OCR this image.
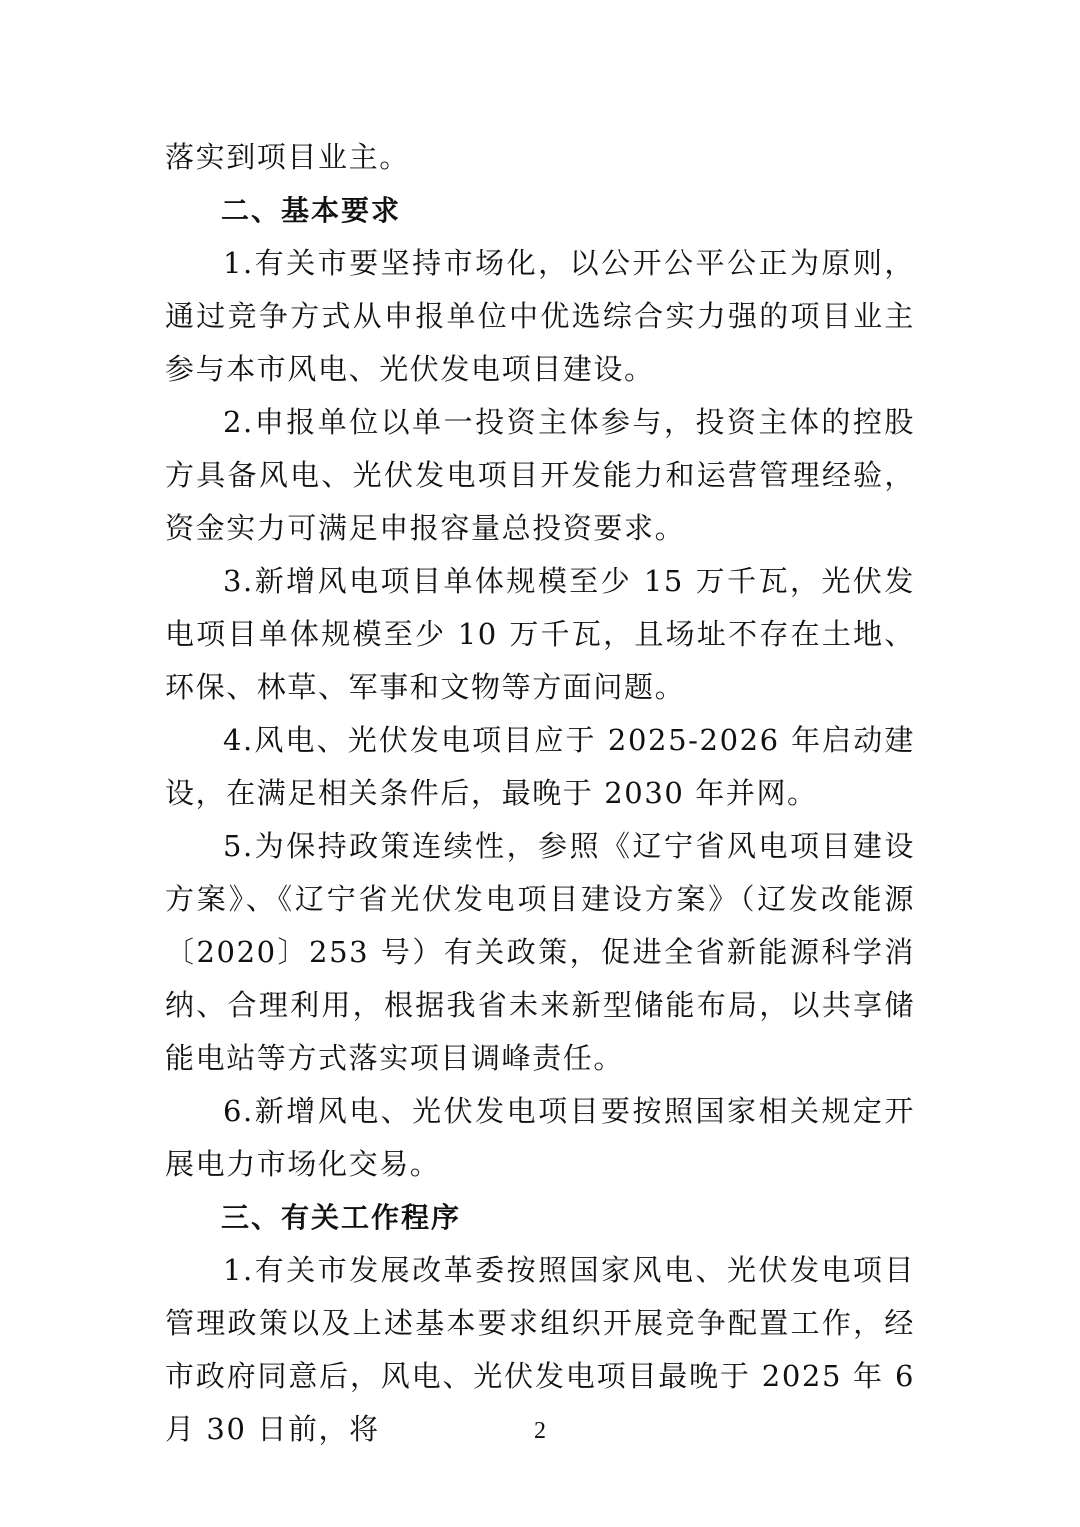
落实到项目业主。

二、基本要求

1.有关市要坚持市场化，以公开公平公正为原则，通过竞争方式从申报单位中优选综合实力强的项目业主参与本市风电、光伏发电项目建设。

2.申报单位以单一投资主体参与，投资主体的控股方具备风电、光伏发电项目开发能力和运营管理经验，资金实力可满足申报容量总投资要求。

3.新增风电项目单体规模至少 15 万千瓦，光伏发电项目单体规模至少 10 万千瓦，且场址不存在土地、环保、林草、军事和文物等方面问题。

4.风电、光伏发电项目应于 2025-2026 年启动建设，在满足相关条件后，最晚于 2030 年并网。

5.为保持政策连续性，参照《辽宁省风电项目建设方案》、《辽宁省光伏发电项目建设方案》（辽发改能源〔2020〕253 号）有关政策，促进全省新能源科学消纳、合理利用，根据我省未来新型储能布局，以共享储能电站等方式落实项目调峰责任。

6.新增风电、光伏发电项目要按照国家相关规定开展电力市场化交易。

三、有关工作程序

1.有关市发展改革委按照国家风电、光伏发电项目管理政策以及上述基本要求组织开展竞争配置工作，经市政府同意后，风电、光伏发电项目最晚于 2025 年 6 月 30 日前，将	2
